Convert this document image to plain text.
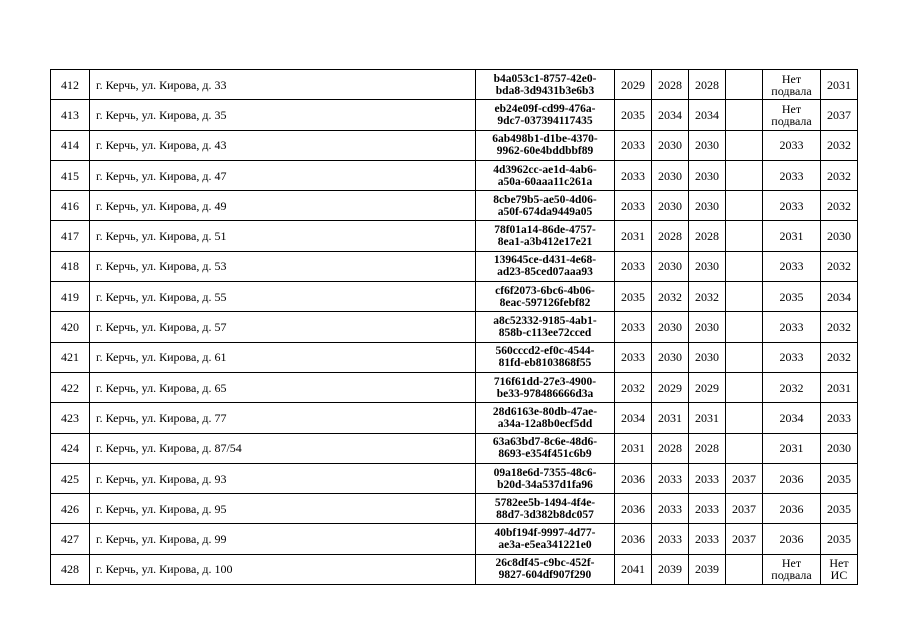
412	г. Керчь, ул. Кирова, д. 33	b4a053c1-8757-42e0-
bda8-3d9431b3e6b3	2029	2028	2028		Нет подвала	2031
413	г. Керчь, ул. Кирова, д. 35	eb24e09f-cd99-476a-
9dc7-037394117435	2035	2034	2034		Нет подвала	2037
414	г. Керчь, ул. Кирова, д. 43	6ab498b1-d1be-4370-
9962-60e4bddbbf89	2033	2030	2030		2033	2032
415	г. Керчь, ул. Кирова, д. 47	4d3962cc-ae1d-4ab6-
a50a-60aaa11c261a	2033	2030	2030		2033	2032
416	г. Керчь, ул. Кирова, д. 49	8cbe79b5-ae50-4d06-
a50f-674da9449a05	2033	2030	2030		2033	2032
417	г. Керчь, ул. Кирова, д. 51	78f01a14-86de-4757-
8ea1-a3b412e17e21	2031	2028	2028		2031	2030
418	г. Керчь, ул. Кирова, д. 53	139645ce-d431-4e68-
ad23-85ced07aaa93	2033	2030	2030		2033	2032
419	г. Керчь, ул. Кирова, д. 55	cf6f2073-6bc6-4b06-
8eac-597126febf82	2035	2032	2032		2035	2034
420	г. Керчь, ул. Кирова, д. 57	a8c52332-9185-4ab1-
858b-c113ee72cced	2033	2030	2030		2033	2032
421	г. Керчь, ул. Кирова, д. 61	560cccd2-ef0c-4544-
81fd-eb8103868f55	2033	2030	2030		2033	2032
422	г. Керчь, ул. Кирова, д. 65	716f61dd-27e3-4900-
be33-978486666d3a	2032	2029	2029		2032	2031
423	г. Керчь, ул. Кирова, д. 77	28d6163e-80db-47ae-
a34a-12a8b0ecf5dd	2034	2031	2031		2034	2033
424	г. Керчь, ул. Кирова, д. 87/54	63a63bd7-8c6e-48d6-
8693-e354f451c6b9	2031	2028	2028		2031	2030
425	г. Керчь, ул. Кирова, д. 93	09a18e6d-7355-48c6-
b20d-34a537d1fa96	2036	2033	2033	2037	2036	2035
426	г. Керчь, ул. Кирова, д. 95	5782ee5b-1494-4f4e-
88d7-3d382b8dc057	2036	2033	2033	2037	2036	2035
427	г. Керчь, ул. Кирова, д. 99	40bf194f-9997-4d77-
ae3a-e5ea341221e0	2036	2033	2033	2037	2036	2035
428	г. Керчь, ул. Кирова, д. 100	26c8df45-c9bc-452f-
9827-604df907f290	2041	2039	2039		Нет подвала	Нет ИС
